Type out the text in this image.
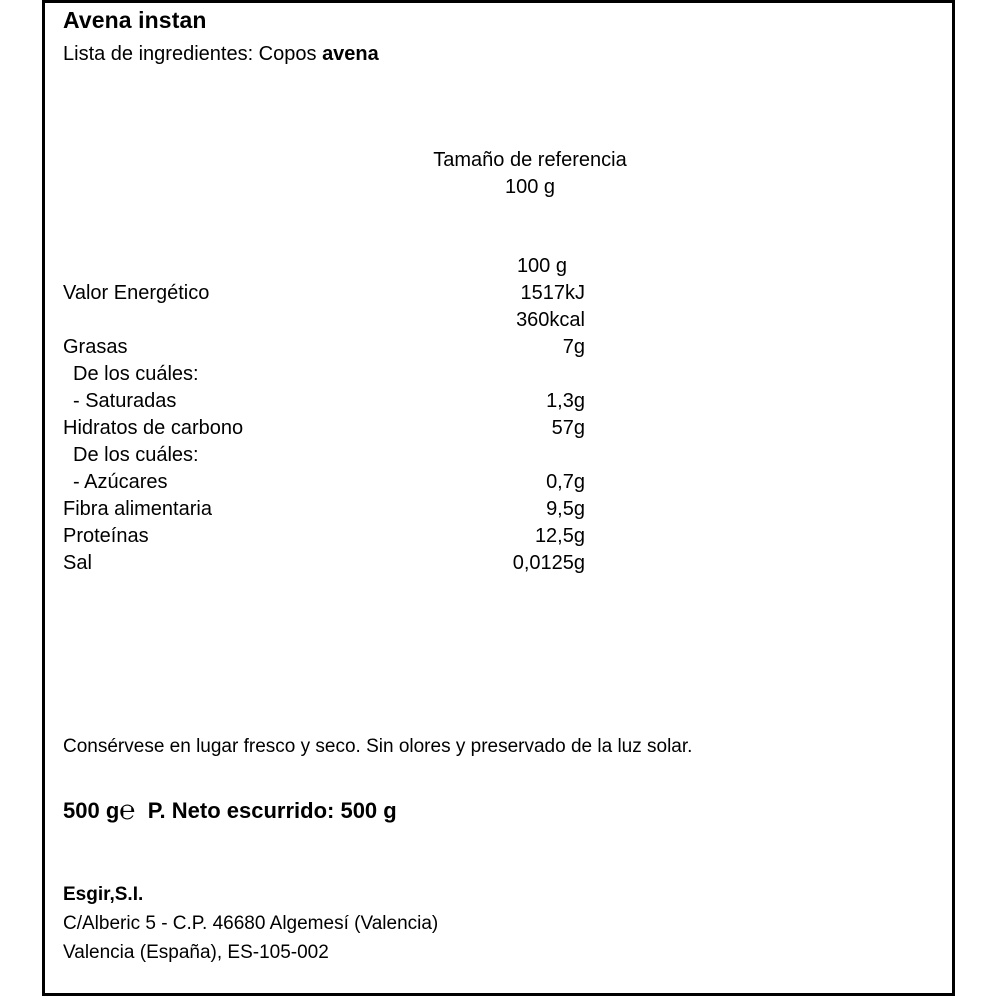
Avena instan
Lista de ingredientes: Copos avena
Tamaño de referencia
100 g
100 g
Valor Energético	1517kJ
360kcal
Grasas	7g
De los cuáles:
- Saturadas	1,3g
Hidratos de carbono	57g
De los cuáles:
- Azúcares	0,7g
Fibra alimentaria	9,5g
Proteínas	12,5g
Sal	0,0125g
Consérvese en lugar fresco y seco. Sin olores y preservado de la luz solar.
500 g℮ P. Neto escurrido: 500 g
Esgir,S.I.
C/Alberic 5 - C.P. 46680 Algemesí (Valencia)
Valencia (España), ES-105-002
